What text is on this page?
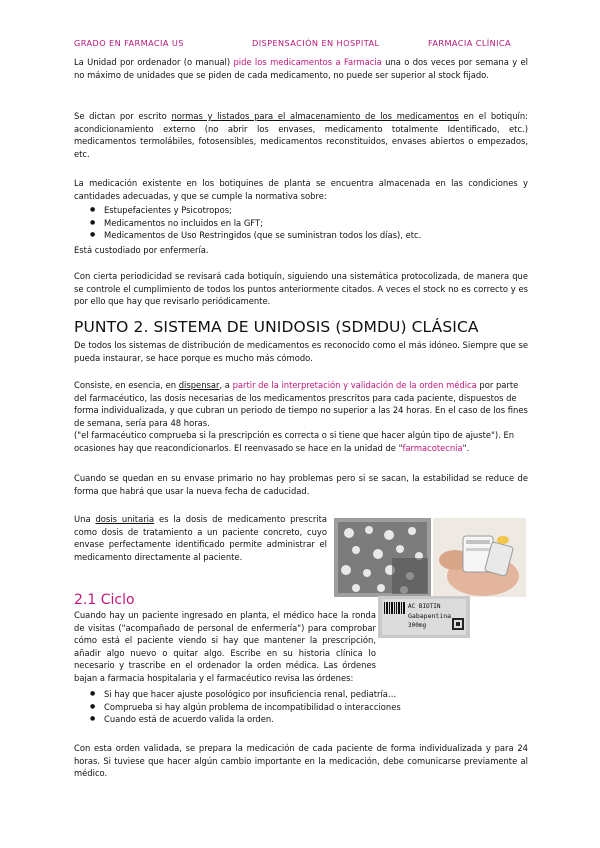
GRADO EN FARMACIA US	DISPENSACIÓN EN HOSPITAL	FARMACIA CLÍNICA
La Unidad por ordenador (o manual) pide los medicamentos a Farmacia una o dos veces por semana y el no máximo de unidades que se piden de cada medicamento, no puede ser superior al stock fijado.
Se dictan por escrito normas y listados para el almacenamiento de los medicamentos en el botiquín: acondicionamiento externo (no abrir los envases, medicamento totalmente Identificado, etc.) medicamentos termolábiles, fotosensibles, medicamentos reconstituidos, envases abiertos o empezados, etc.
La medicación existente en los botiquines de planta se encuentra almacenada en las condiciones y cantidades adecuadas, y que se cumple la normativa sobre:
● Estupefacientes y Psicotropos;
● Medicamentos no incluidos en la GFT;
● Medicamentos de Uso Restringidos (que se suministran todos los días), etc.
Está custodiado por enfermería.
Con cierta periodicidad se revisará cada botiquín, siguiendo una sistemática protocolizada, de manera que se controle el cumplimiento de todos los puntos anteriormente citados. A veces el stock no es correcto y es por ello que hay que revisarlo periódicamente.
PUNTO 2. SISTEMA DE UNIDOSIS (SDMDU) CLÁSICA
De todos los sistemas de distribución de medicamentos es reconocido como el más idóneo. Siempre que se pueda instaurar, se hace porque es mucho más cómodo.
Consiste, en esencia, en dispensar, a partir de la interpretación y validación de la orden médica por parte del farmacéutico, las dosis necesarias de los medicamentos prescritos para cada paciente, dispuestos de forma individualizada, y que cubran un periodo de tiempo no superior a las 24 horas. En el caso de los fines de semana, sería para 48 horas.
("el farmacéutico comprueba si la prescripción es correcta o si tiene que hacer algún tipo de ajuste"). En ocasiones hay que reacondicionarlos. El reenvasado se hace en la unidad de "farmacotecnia".
Cuando se quedan en su envase primario no hay problemas pero si se sacan, la estabilidad se reduce de forma que habrá que usar la nueva fecha de caducidad.
Una dosis unitaria es la dosis de medicamento prescrita como dosis de tratamiento a un paciente concreto, cuyo envase perfectamente identificado permite administrar el medicamento directamente al paciente.
AC BIOTIN
Gabapentina
300mg
2.1 Ciclo
Cuando hay un paciente ingresado en planta, el médico hace la ronda de visitas ("acompañado de personal de enfermería") para comprobar cómo está el paciente viendo si hay que mantener la prescripción, añadir algo nuevo o quitar algo. Escribe en su historia clínica lo necesario y trascribe en el ordenador la orden médica. Las órdenes bajan a farmacia hospitalaria y el farmacéutico revisa las órdenes:
● Si hay que hacer ajuste posológico por insuficiencia renal, pediatría…
● Comprueba si hay algún problema de incompatibilidad o interacciones
● Cuando está de acuerdo valida la orden.
Con esta orden validada, se prepara la medicación de cada paciente de forma individualizada y para 24 horas. Si tuviese que hacer algún cambio importante en la medicación, debe comunicarse previamente al médico.
